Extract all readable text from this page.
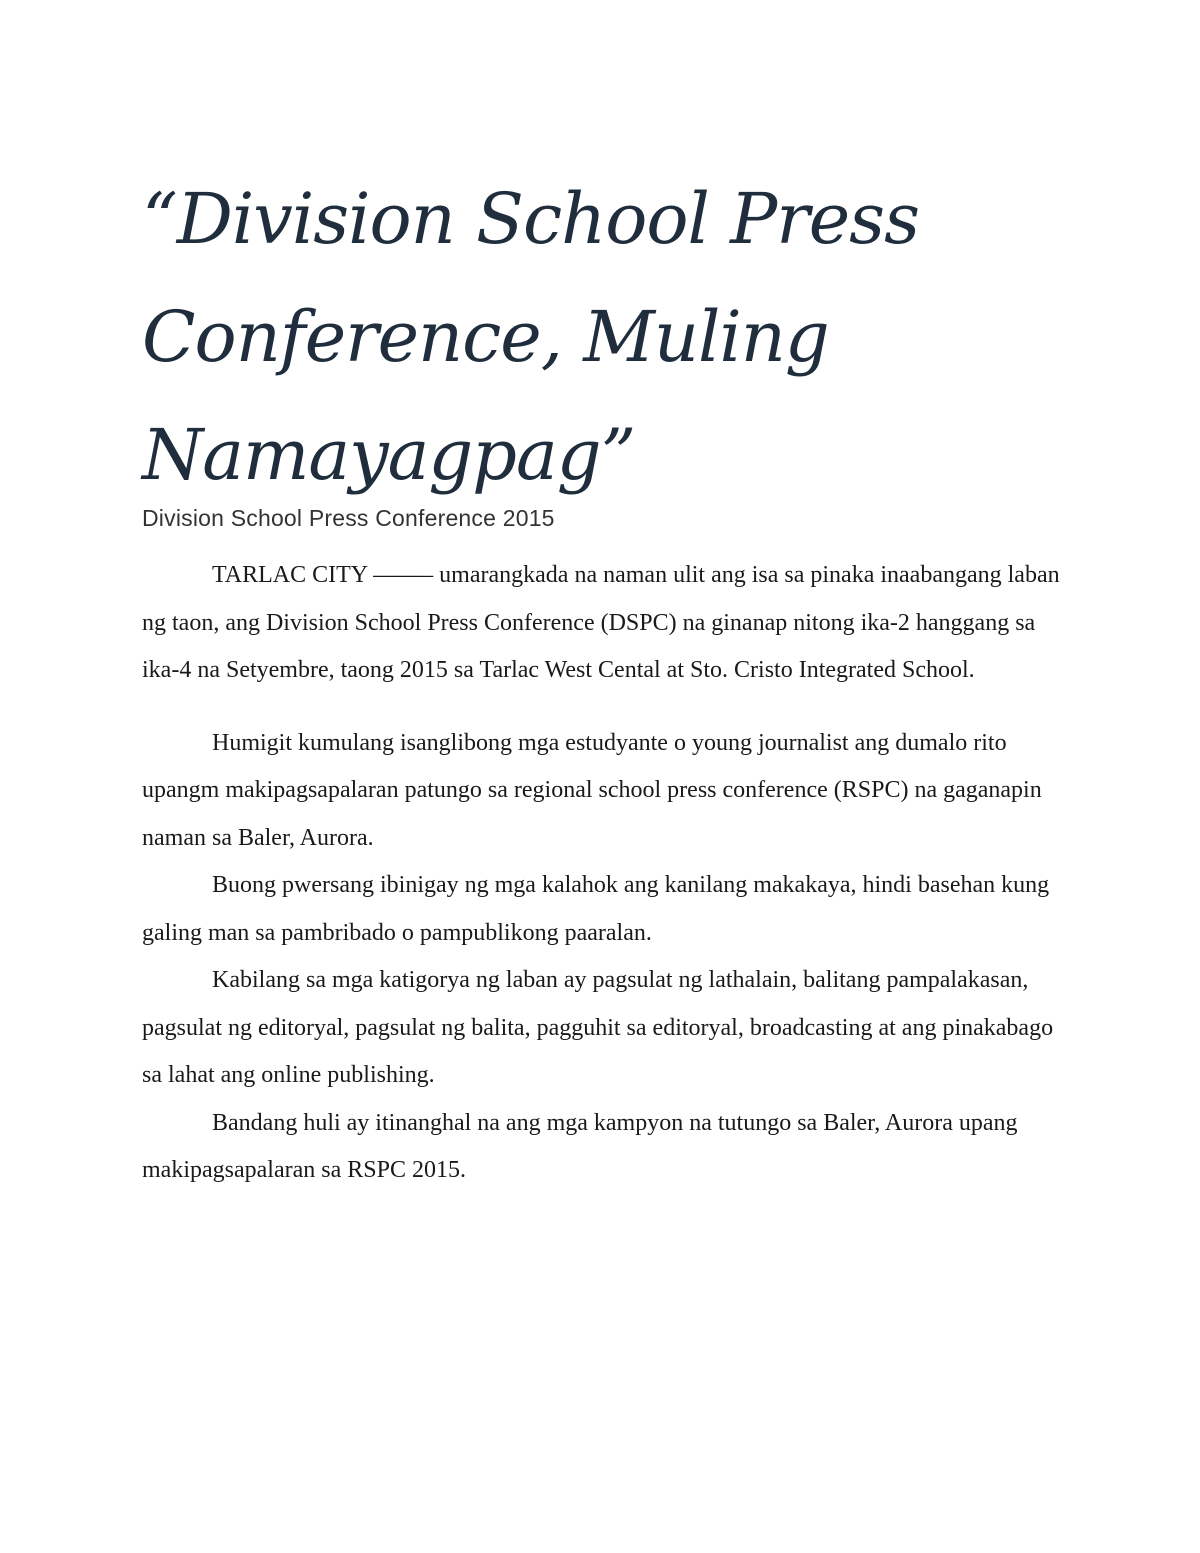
“Division School Press Conference, Muling Namayagpag”

Division School Press Conference 2015

TARLAC CITY ——– umarangkada na naman ulit ang isa sa pinaka inaabangang laban ng taon, ang Division School Press Conference (DSPC) na ginanap nitong ika-2 hanggang sa ika-4 na Setyembre, taong 2015 sa Tarlac West Cental at Sto. Cristo Integrated School.

Humigit kumulang isanglibong mga estudyante o young journalist ang dumalo rito upangm makipagsapalaran patungo sa regional school press conference (RSPC) na gaganapin naman sa Baler, Aurora.

Buong pwersang ibinigay ng mga kalahok ang kanilang makakaya, hindi basehan kung galing man sa pambribado o pampublikong paaralan.

Kabilang sa mga katigorya ng laban ay pagsulat ng lathalain, balitang pampalakasan, pagsulat ng editoryal, pagsulat ng balita, pagguhit sa editoryal, broadcasting at ang pinakabago sa lahat ang online publishing.

Bandang huli ay itinanghal na ang mga kampyon na tutungo sa Baler, Aurora upang makipagsapalaran sa RSPC 2015.
